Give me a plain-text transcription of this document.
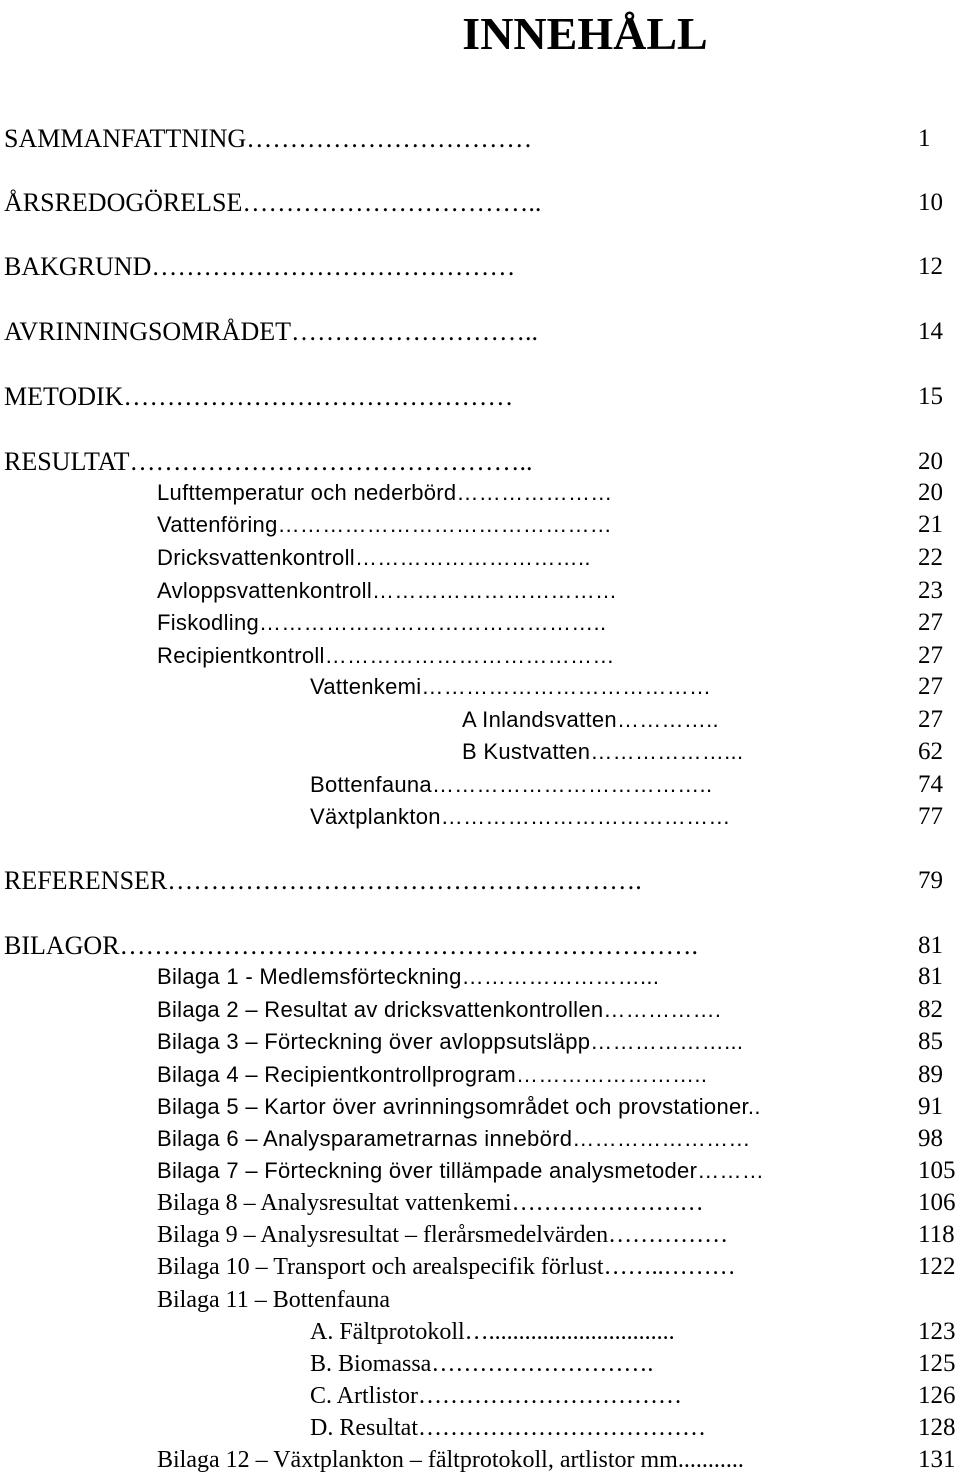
INNEHÅLL
SAMMANFATTNING……………………………	1
ÅRSREDOGÖRELSE……………………………..	10
BAKGRUND……………………………………	12
AVRINNINGSOMRÅDET………………………..	14
METODIK………………………………………	15
RESULTAT………………………………………..	20
Lufttemperatur och nederbörd…………………	20
Vattenföring………………………………………	21
Dricksvattenkontroll…………………………..	22
Avloppsvattenkontroll……………………………	23
Fiskodling………………………………………..	27
Recipientkontroll…………………………………	27
Vattenkemi…………………………………	27
A Inlandsvatten…………..	27
B Kustvatten………………...	62
Bottenfauna………………………………..	74
Växtplankton…………………………………	77
REFERENSER……………………………………………….	79
BILAGOR………………………………………………………….	81
Bilaga 1 - Medlemsförteckning……………………...	81
Bilaga 2 – Resultat av dricksvattenkontrollen…………….	82
Bilaga 3 – Förteckning över avloppsutsläpp………………...	85
Bilaga 4 – Recipientkontrollprogram……………………..	89
Bilaga 5 – Kartor över avrinningsområdet och provstationer..	91
Bilaga 6 – Analysparametrarnas innebörd……………………	98
Bilaga 7 – Förteckning över tillämpade analysmetoder………	105
Bilaga 8 – Analysresultat vattenkemi……………………	106
Bilaga 9 – Analysresultat – flerårsmedelvärden……………	118
Bilaga 10 – Transport och arealspecifik förlust……..………	122
Bilaga 11 – Bottenfauna
A. Fältprotokoll…...............................	123
B. Biomassa……………………….	125
C. Artlistor……………………………	126
D. Resultat………………………………	128
Bilaga 12 – Växtplankton – fältprotokoll, artlistor mm...........	131
